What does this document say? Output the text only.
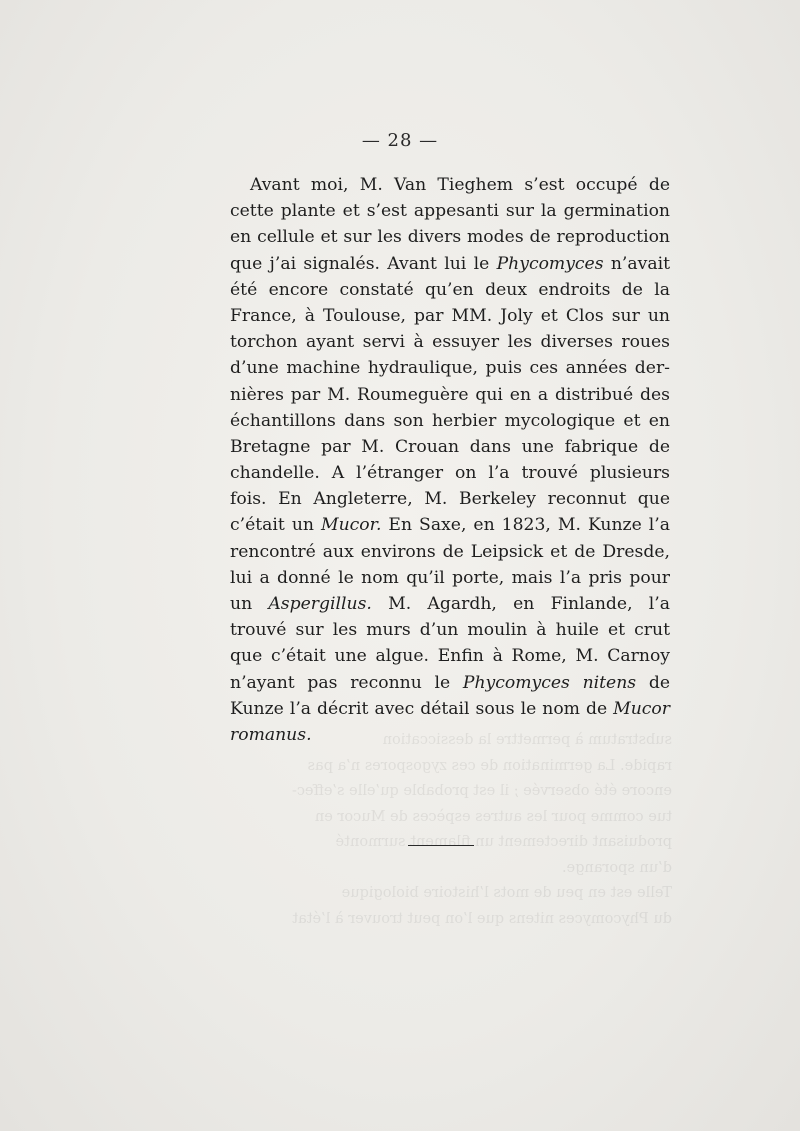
substratum à permettre la dessiccation
rapide. La germination de ces zygospores n’a pas
encore été observée ; il est probable qu’elle s’effec-
tue comme pour les autres espèces de Mucor en
produisant directement un filament surmonté
d’un sporange.
Telle est en peu de mots l’histoire biologique
du Phycomyces nitens que l’on peut trouver à l’état
— 28 —
Avant moi, M. Van Tieghem s’est occupé de
cette plante et s’est appesanti sur la germination
en cellule et sur les divers modes de reproduction
que j’ai signalés. Avant lui le Phycomyces n’avait
été encore constaté qu’en deux endroits de la
France, à Toulouse, par MM. Joly et Clos sur un
torchon ayant servi à essuyer les diverses roues
d’une machine hydraulique, puis ces années der-
nières par M. Roumeguère qui en a distribué des
échantillons dans son herbier mycologique et en
Bretagne par M. Crouan dans une fabrique de
chandelle. A l’étranger on l’a trouvé plusieurs
fois. En Angleterre, M. Berkeley reconnut que
c’était un Mucor. En Saxe, en 1823, M. Kunze l’a
rencontré aux environs de Leipsick et de Dresde,
lui a donné le nom qu’il porte, mais l’a pris pour
un Aspergillus. M. Agardh, en Finlande, l’a
trouvé sur les murs d’un moulin à huile et crut
que c’était une algue. Enfin à Rome, M. Carnoy
n’ayant pas reconnu le Phycomyces nitens de
Kunze l’a décrit avec détail sous le nom de Mucor
romanus.
